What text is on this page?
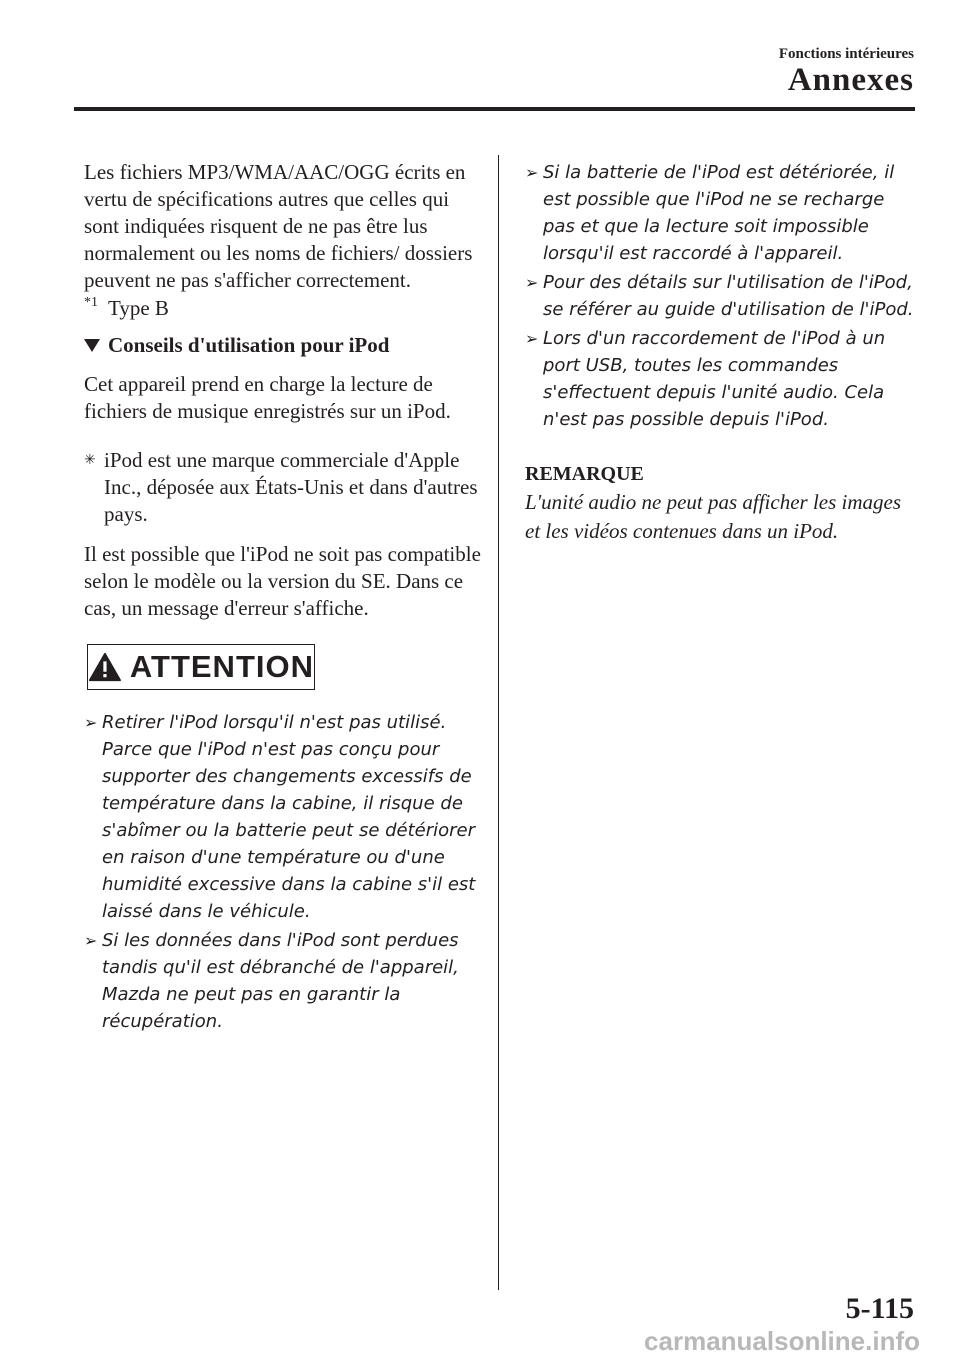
Fonctions intérieures
Annexes

Les fichiers MP3/WMA/AAC/OGG écrits en vertu de spécifications autres que celles qui sont indiquées risquent de ne pas être lus normalement ou les noms de fichiers/ dossiers peuvent ne pas s'afficher correctement.

*1 Type B

Conseils d'utilisation pour iPod

Cet appareil prend en charge la lecture de fichiers de musique enregistrés sur un iPod.

✳ iPod est une marque commerciale d'Apple Inc., déposée aux États-Unis et dans d'autres pays.

Il est possible que l'iPod ne soit pas compatible selon le modèle ou la version du SE. Dans ce cas, un message d'erreur s'affiche.

ATTENTION
➢ Retirer l'iPod lorsqu'il n'est pas utilisé. Parce que l'iPod n'est pas conçu pour supporter des changements excessifs de température dans la cabine, il risque de s'abîmer ou la batterie peut se détériorer en raison d'une température ou d'une humidité excessive dans la cabine s'il est laissé dans le véhicule.
➢ Si les données dans l'iPod sont perdues tandis qu'il est débranché de l'appareil, Mazda ne peut pas en garantir la récupération.
➢ Si la batterie de l'iPod est détériorée, il est possible que l'iPod ne se recharge pas et que la lecture soit impossible lorsqu'il est raccordé à l'appareil.
➢ Pour des détails sur l'utilisation de l'iPod, se référer au guide d'utilisation de l'iPod.
➢ Lors d'un raccordement de l'iPod à un port USB, toutes les commandes s'effectuent depuis l'unité audio. Cela n'est pas possible depuis l'iPod.

REMARQUE

L'unité audio ne peut pas afficher les images et les vidéos contenues dans un iPod.

5-115
carmanualsonline.info
